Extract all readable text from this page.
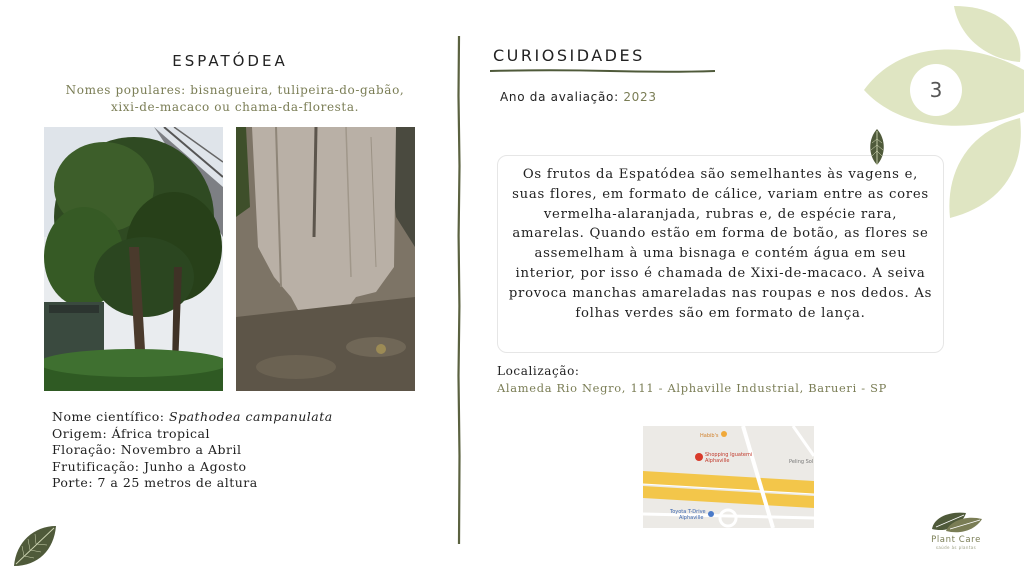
ESPATÓDEA
Nomes populares: bisnagueira, tulipeira-do-gabão,
xixi-de-macaco ou chama-da-floresta.
Nome científico: Spathodea campanulata
Origem: África tropical
Floração: Novembro a Abril
Frutificação: Junho a Agosto
Porte: 7 a 25 metros de altura
CURIOSIDADES
Ano da avaliação: 2023
Os frutos da Espatódea são semelhantes às vagens e, suas flores, em formato de cálice, variam entre as cores vermelha-alaranjada, rubras e, de espécie rara, amarelas. Quando estão em forma de botão, as flores se assemelham à uma bisnaga e contém água em seu interior, por isso é chamada de Xixi-de-macaco. A seiva provoca manchas amareladas nas roupas e nos dedos. As folhas verdes são em formato de lança.
Localização:
Alameda Rio Negro, 111 - Alphaville Industrial, Barueri - SP
Habib's
Shopping Iguatemi
Alphaville	Peling Sol
Toyota T-Drive
Alphaville
3
Plant Care
saúde às plantas
